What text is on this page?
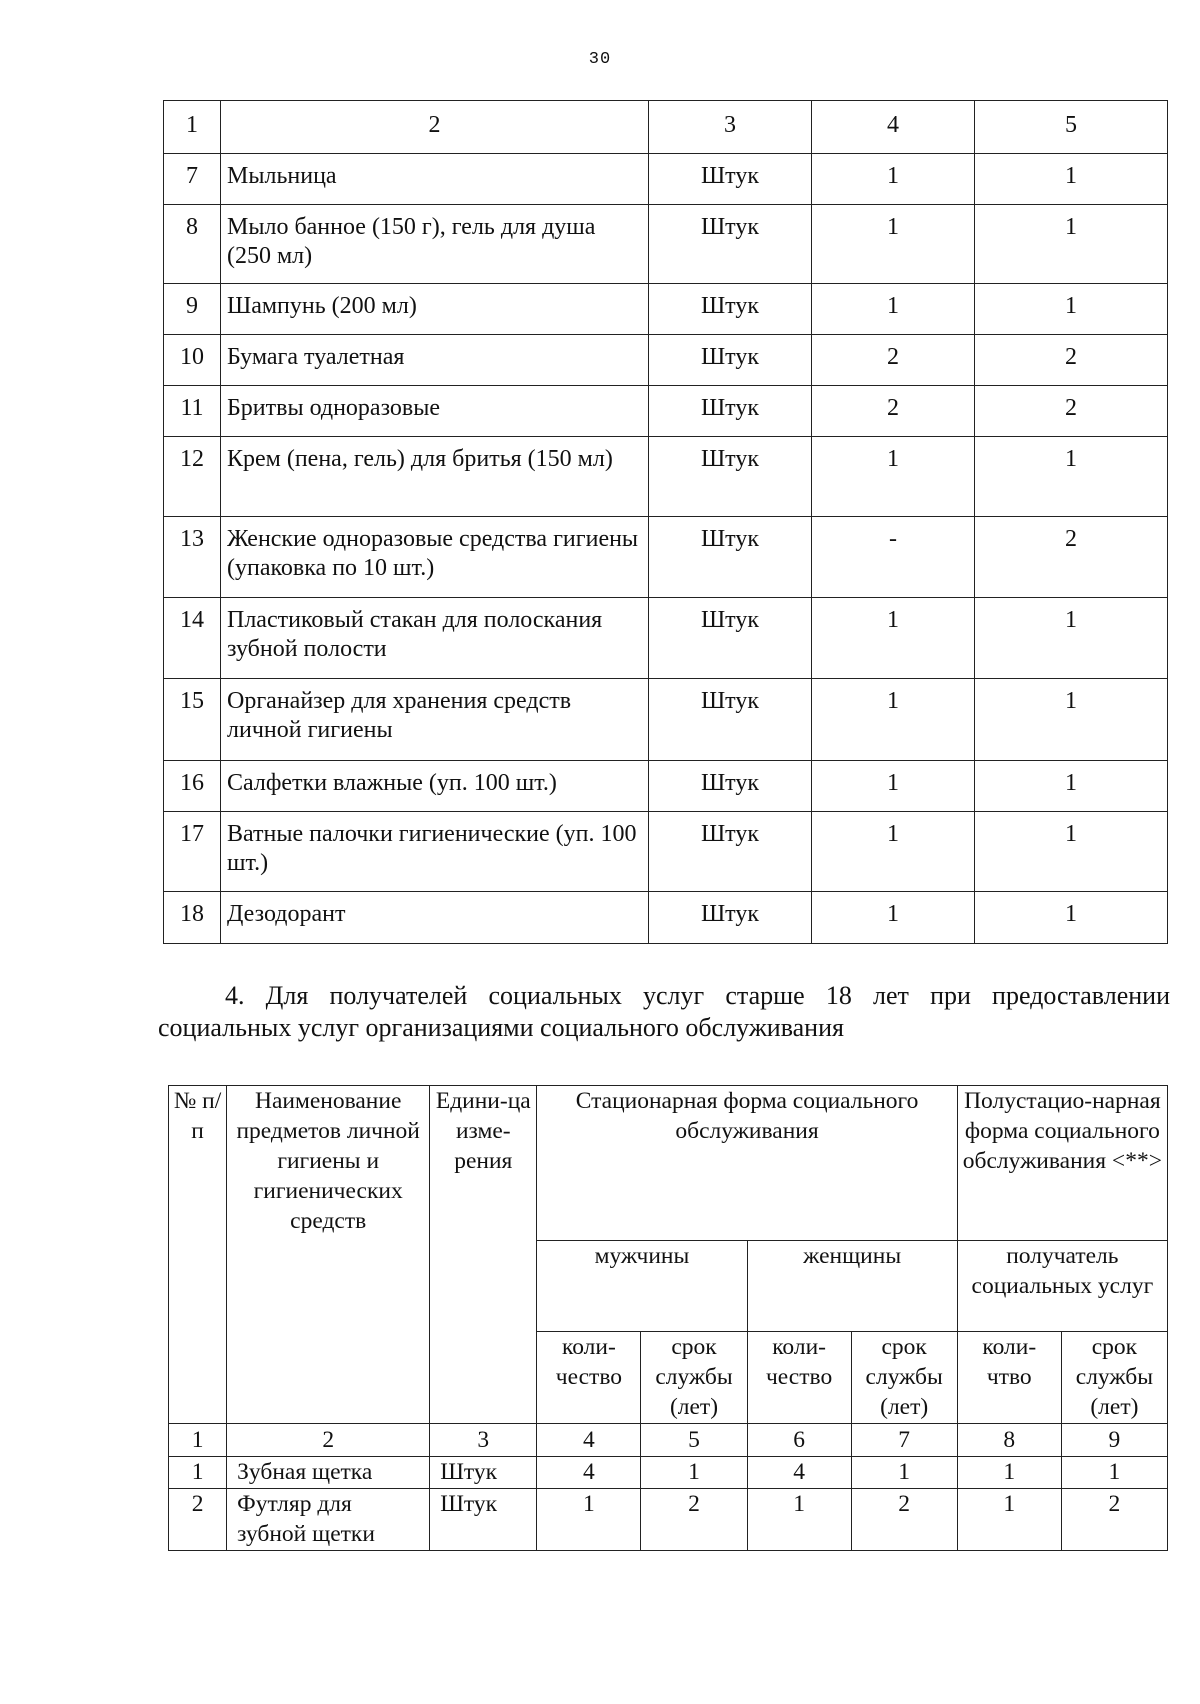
30
1	2	3	4	5
7	Мыльница	Штук	1	1
8	Мыло банное (150 г), гель для душа (250 мл)	Штук	1	1
9	Шампунь (200 мл)	Штук	1	1
10	Бумага туалетная	Штук	2	2
11	Бритвы одноразовые	Штук	2	2
12	Крем (пена, гель) для бритья (150 мл)	Штук	1	1
13	Женские одноразовые средства гигиены (упаковка по 10 шт.)	Штук	-	2
14	Пластиковый стакан для полоскания зубной полости	Штук	1	1
15	Органайзер для хранения средств личной гигиены	Штук	1	1
16	Салфетки влажные (уп. 100 шт.)	Штук	1	1
17	Ватные палочки гигиенические (уп. 100 шт.)	Штук	1	1
18	Дезодорант	Штук	1	1
4. Для получателей социальных услуг старше 18 лет при предоставлении
социальных услуг организациями социального обслуживания
№ п/п	Наименование предметов личной гигиены и гигиенических средств	Едини-ца изме-рения	Стационарная форма социального обслуживания				Полустацио-нарная форма социального обслуживания <**>	
			мужчины		женщины		получатель социальных услуг	
			коли-чество	срок службы (лет)	коли-чество	срок службы (лет)	коли-чтво	срок службы (лет)
1	2	3	4	5	6	7	8	9
1	Зубная щетка	Штук	4	1	4	1	1	1
2	Футляр для зубной щетки	Штук	1	2	1	2	1	2
